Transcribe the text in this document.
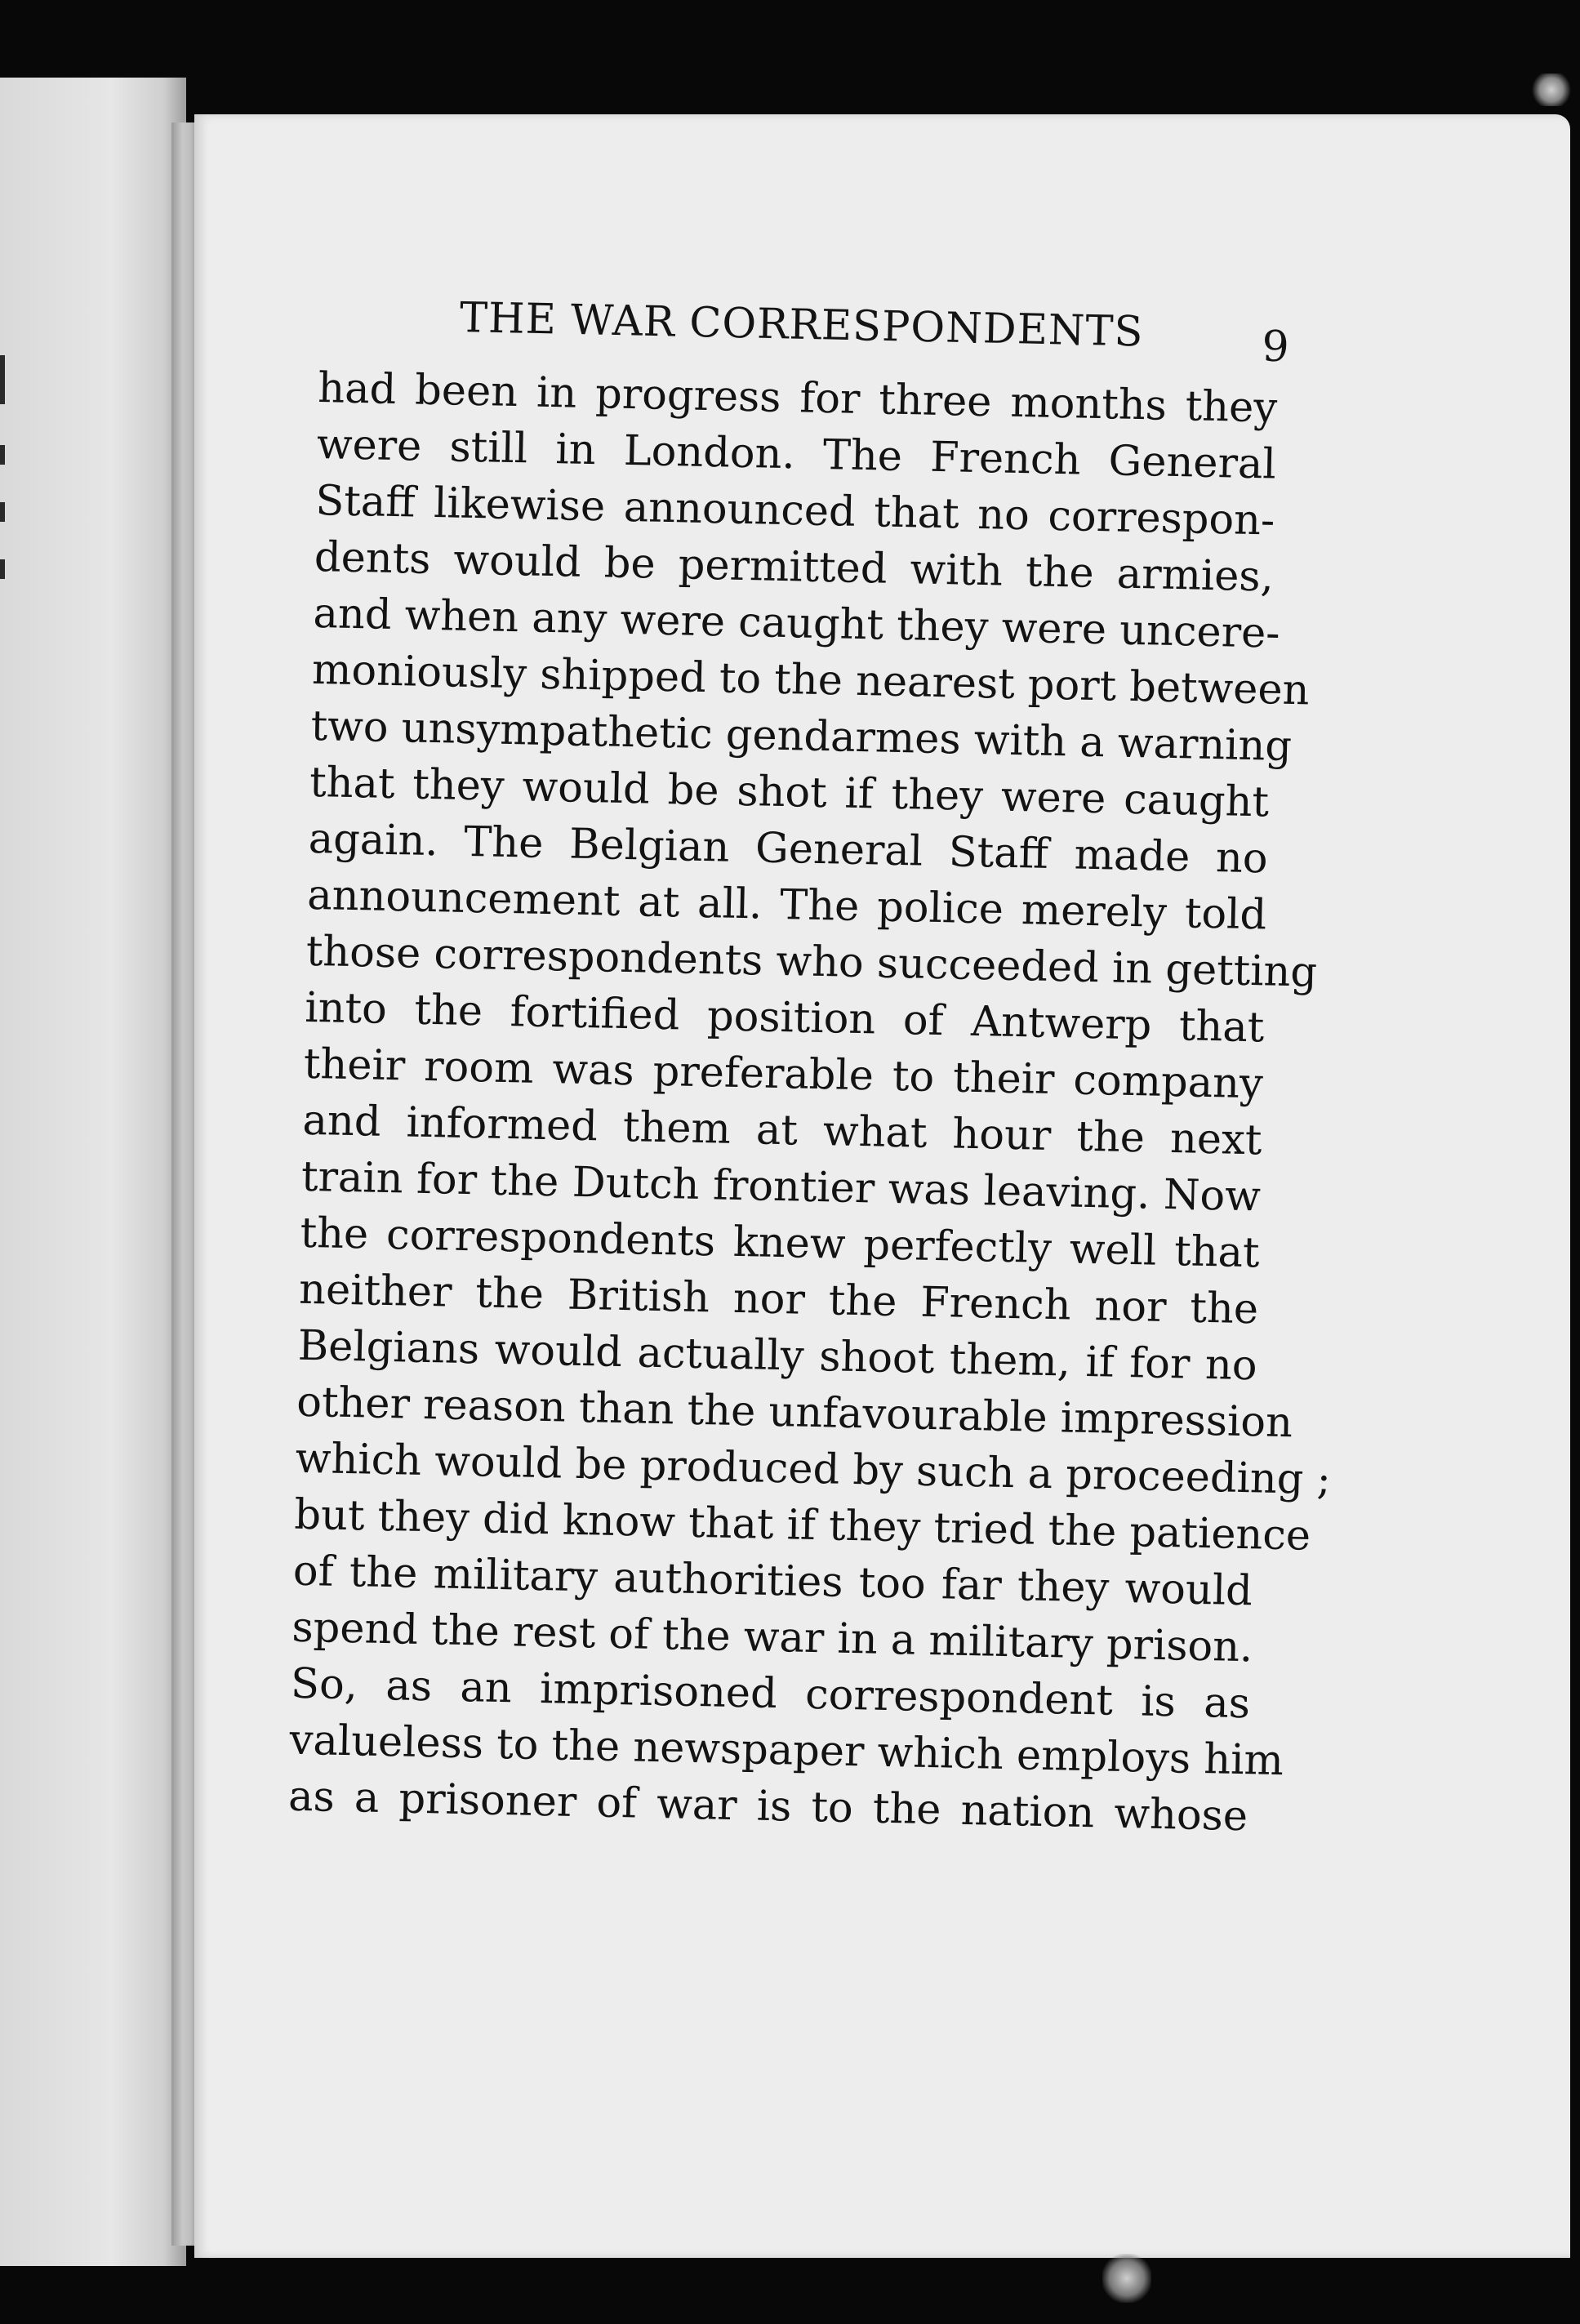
THE WAR CORRESPONDENTS	9
had been in progress for three months they
were still in London. The French General
Staff likewise announced that no correspon-
dents would be permitted with the armies,
and when any were caught they were uncere-
moniously shipped to the nearest port between
two unsympathetic gendarmes with a warning
that they would be shot if they were caught
again. The Belgian General Staff made no
announcement at all. The police merely told
those correspondents who succeeded in getting
into the fortified position of Antwerp that
their room was preferable to their company
and informed them at what hour the next
train for the Dutch frontier was leaving. Now
the correspondents knew perfectly well that
neither the British nor the French nor the
Belgians would actually shoot them, if for no
other reason than the unfavourable impression
which would be produced by such a proceeding ;
but they did know that if they tried the patience
of the military authorities too far they would
spend the rest of the war in a military prison.
So, as an imprisoned correspondent is as
valueless to the newspaper which employs him
as a prisoner of war is to the nation whose
